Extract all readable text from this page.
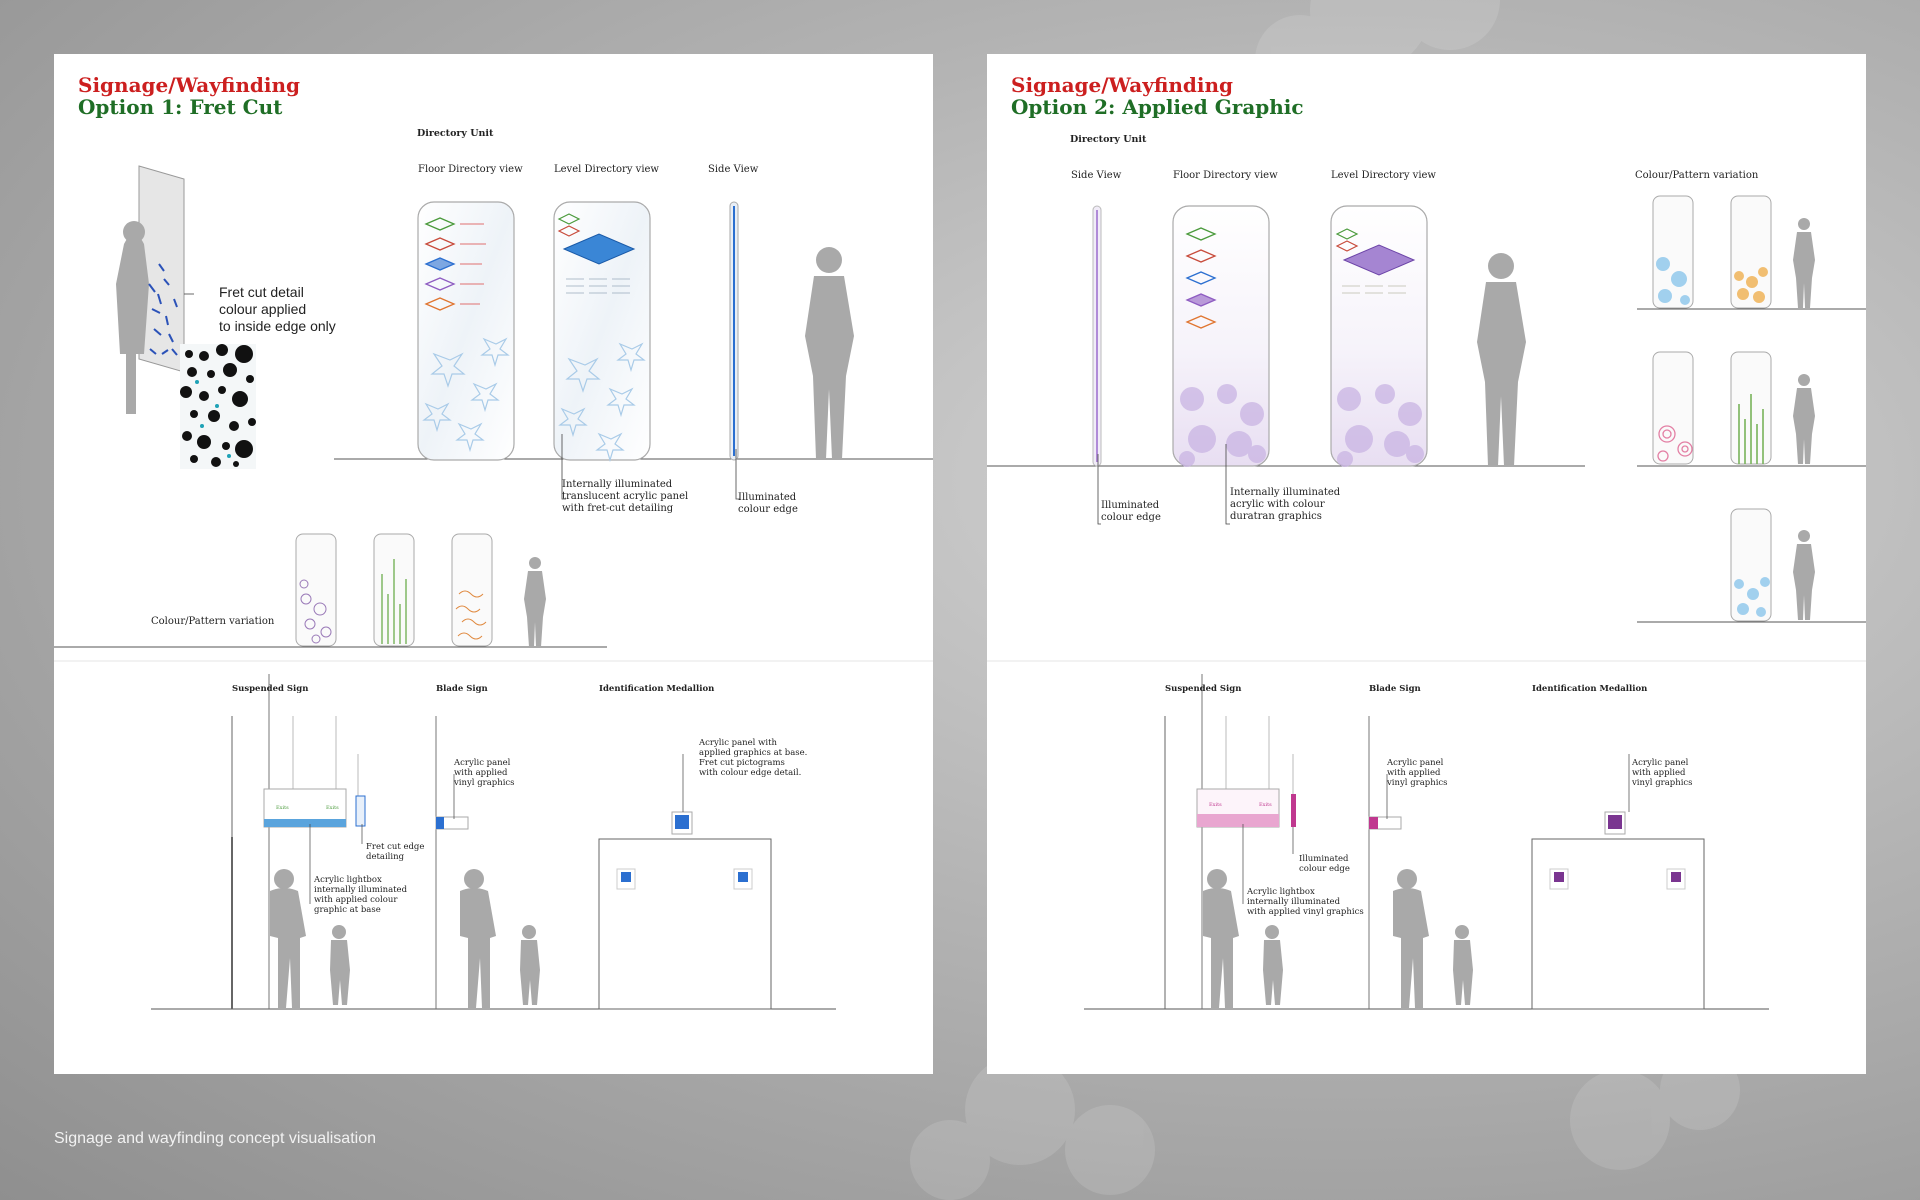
Signage/Wayfinding
Option 1: Fret Cut
Exits	Exits
Directory Unit
Floor Directory view	Level Directory view	Side View
Fret cut detail
colour applied
to inside edge only
Internally illuminated
translucent acrylic panel
with fret-cut detailing
Illuminated
colour edge
Colour/Pattern variation
Suspended Sign	Blade Sign	Identification Medallion
Acrylic panel
with applied
vinyl graphics
Acrylic panel with
applied graphics at base.
Fret cut pictograms
with colour edge detail.
Fret cut edge
detailing
Acrylic lightbox
internally illuminated
with applied colour
graphic at base
Signage/Wayfinding
Option 2: Applied Graphic
Exits	Exits
Directory Unit
Side View	Floor Directory view	Level Directory view	Colour/Pattern variation
Illuminated
colour edge
Internally illuminated
acrylic with colour
duratran graphics
Suspended Sign	Blade Sign	Identification Medallion
Acrylic panel
with applied
vinyl graphics
Acrylic panel
with applied
vinyl graphics
Illuminated
colour edge
Acrylic lightbox
internally illuminated
with applied vinyl graphics
Signage and wayfinding concept visualisation
